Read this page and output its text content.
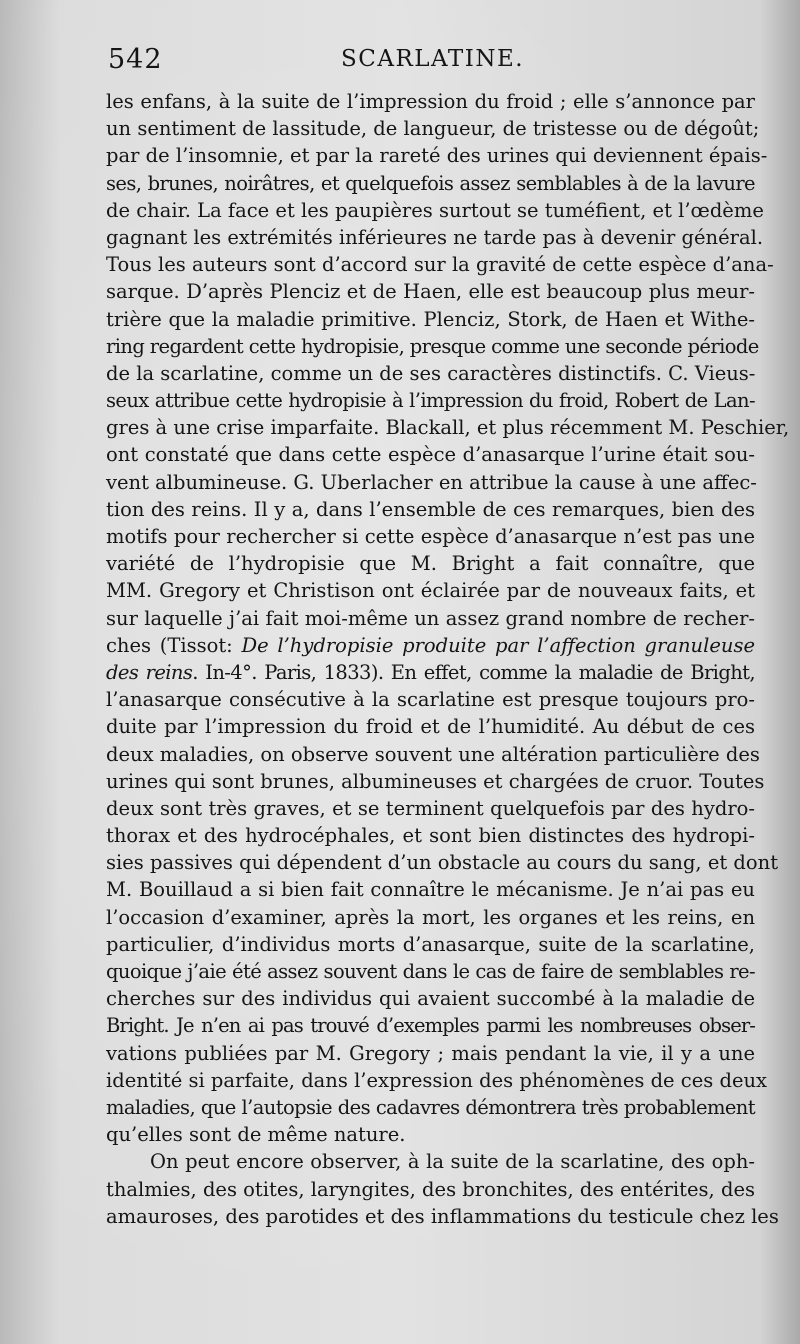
542	SCARLATINE.
les enfans, à la suite de l’impression du froid ; elle s’annonce par
un sentiment de lassitude, de langueur, de tristesse ou de dégoût;
par de l’insomnie, et par la rareté des urines qui deviennent épais-
ses, brunes, noirâtres, et quelquefois assez semblables à de la lavure
de chair. La face et les paupières surtout se tuméfient, et l’œdème
gagnant les extrémités inférieures ne tarde pas à devenir général.
Tous les auteurs sont d’accord sur la gravité de cette espèce d’ana-
sarque. D’après Plenciz et de Haen, elle est beaucoup plus meur-
trière que la maladie primitive. Plenciz, Stork, de Haen et Withe-
ring regardent cette hydropisie, presque comme une seconde période
de la scarlatine, comme un de ses caractères distinctifs. C. Vieus-
seux attribue cette hydropisie à l’impression du froid, Robert de Lan-
gres à une crise imparfaite. Blackall, et plus récemment M. Peschier,
ont constaté que dans cette espèce d’anasarque l’urine était sou-
vent albumineuse. G. Uberlacher en attribue la cause à une affec-
tion des reins. Il y a, dans l’ensemble de ces remarques, bien des
motifs pour rechercher si cette espèce d’anasarque n’est pas une
variété de l’hydropisie que M. Bright a fait connaître, que
MM. Gregory et Christison ont éclairée par de nouveaux faits, et
sur laquelle j’ai fait moi-même un assez grand nombre de recher-
ches (Tissot: De l’hydropisie produite par l’affection granuleuse
des reins. In-4°. Paris, 1833). En effet, comme la maladie de Bright,
l’anasarque consécutive à la scarlatine est presque toujours pro-
duite par l’impression du froid et de l’humidité. Au début de ces
deux maladies, on observe souvent une altération particulière des
urines qui sont brunes, albumineuses et chargées de cruor. Toutes
deux sont très graves, et se terminent quelquefois par des hydro-
thorax et des hydrocéphales, et sont bien distinctes des hydropi-
sies passives qui dépendent d’un obstacle au cours du sang, et dont
M. Bouillaud a si bien fait connaître le mécanisme. Je n’ai pas eu
l’occasion d’examiner, après la mort, les organes et les reins, en
particulier, d’individus morts d’anasarque, suite de la scarlatine,
quoique j’aie été assez souvent dans le cas de faire de semblables re-
cherches sur des individus qui avaient succombé à la maladie de
Bright. Je n’en ai pas trouvé d’exemples parmi les nombreuses obser-
vations publiées par M. Gregory ; mais pendant la vie, il y a une
identité si parfaite, dans l’expression des phénomènes de ces deux
maladies, que l’autopsie des cadavres démontrera très probablement
qu’elles sont de même nature.
On peut encore observer, à la suite de la scarlatine, des oph-
thalmies, des otites, laryngites, des bronchites, des entérites, des
amauroses, des parotides et des inflammations du testicule chez les
